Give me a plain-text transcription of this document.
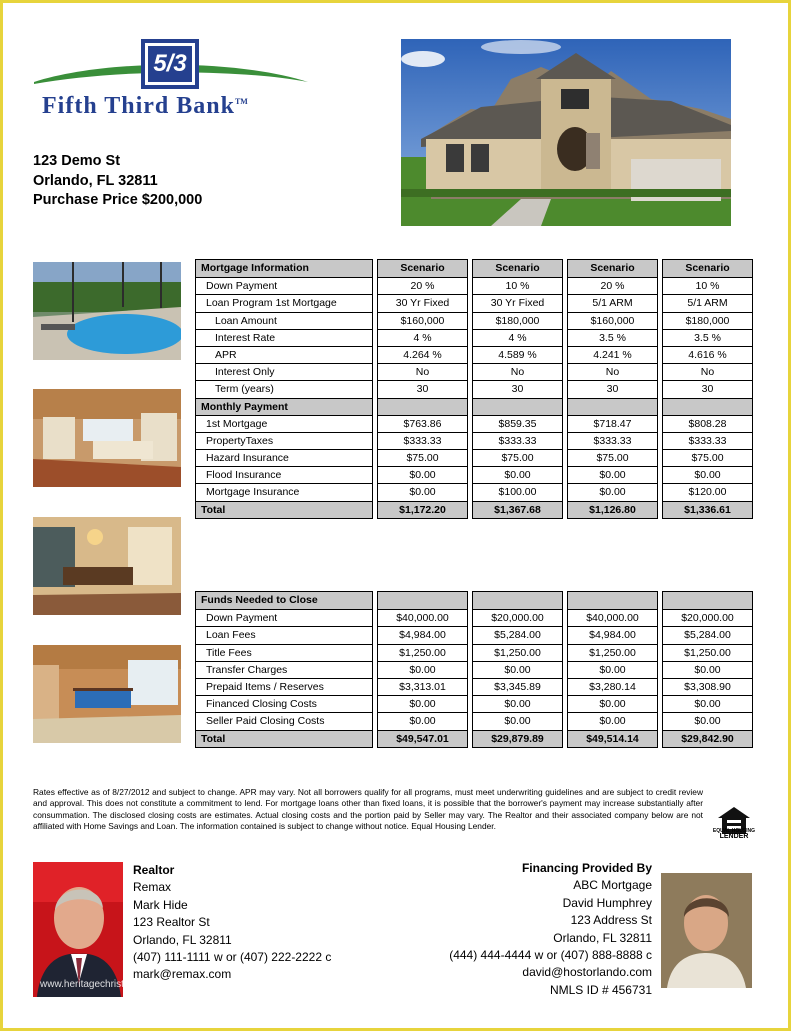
5/3
Fifth Third Bank™
123 Demo St
Orlando, FL 32811
Purchase Price $200,000
Mortgage Information
Down Payment
Loan Program 1st Mortgage
Loan Amount
Interest Rate
APR
Interest Only
Term (years)
Monthly Payment
1st Mortgage
PropertyTaxes
Hazard Insurance
Flood Insurance
Mortgage Insurance
Total
Scenario
20 %
30 Yr Fixed
$160,000
4 %
4.264 %
No
30
$763.86
$333.33
$75.00
$0.00
$0.00
$1,172.20
Scenario
10 %
30 Yr Fixed
$180,000
4 %
4.589 %
No
30
$859.35
$333.33
$75.00
$0.00
$100.00
$1,367.68
Scenario
20 %
5/1 ARM
$160,000
3.5 %
4.241 %
No
30
$718.47
$333.33
$75.00
$0.00
$0.00
$1,126.80
Scenario
10 %
5/1 ARM
$180,000
3.5 %
4.616 %
No
30
$808.28
$333.33
$75.00
$0.00
$120.00
$1,336.61
Funds Needed to Close
Down Payment
Loan Fees
Title Fees
Transfer Charges
Prepaid Items / Reserves
Financed Closing Costs
Seller Paid Closing Costs
Total
$40,000.00
$4,984.00
$1,250.00
$0.00
$3,313.01
$0.00
$0.00
$49,547.01
$20,000.00
$5,284.00
$1,250.00
$0.00
$3,345.89
$0.00
$0.00
$29,879.89
$40,000.00
$4,984.00
$1,250.00
$0.00
$3,280.14
$0.00
$0.00
$49,514.14
$20,000.00
$5,284.00
$1,250.00
$0.00
$3,308.90
$0.00
$0.00
$29,842.90
Rates effective as of 8/27/2012 and subject to change. APR may vary. Not all borrowers qualify for all programs, must meet underwriting guidelines and are subject to credit review and approval. This does not constitute a commitment to lend. For mortgage loans other than fixed loans, it is possible that the borrower's payment may increase substantially after consummation. The disclosed closing costs are estimates. Actual closing costs and the portion paid by Seller may vary. The Realtor and their associated company below are not affiliated with Home Savings and Loan. The information contained is subject to change without notice. Equal Housing Lender.	EQUAL HOUSING
LENDER
Realtor
Remax
Mark Hide
123 Realtor St
Orlando, FL 32811
(407) 111-1111 w or (407) 222-2222 c
mark@remax.com
Financing Provided By
ABC Mortgage
David Humphrey
123 Address St
Orlando, FL 32811
(444) 444-4444 w or (407) 888-8888 c
david@hostorlando.com
NMLS ID # 456731
www.heritagechristiancollege.com
